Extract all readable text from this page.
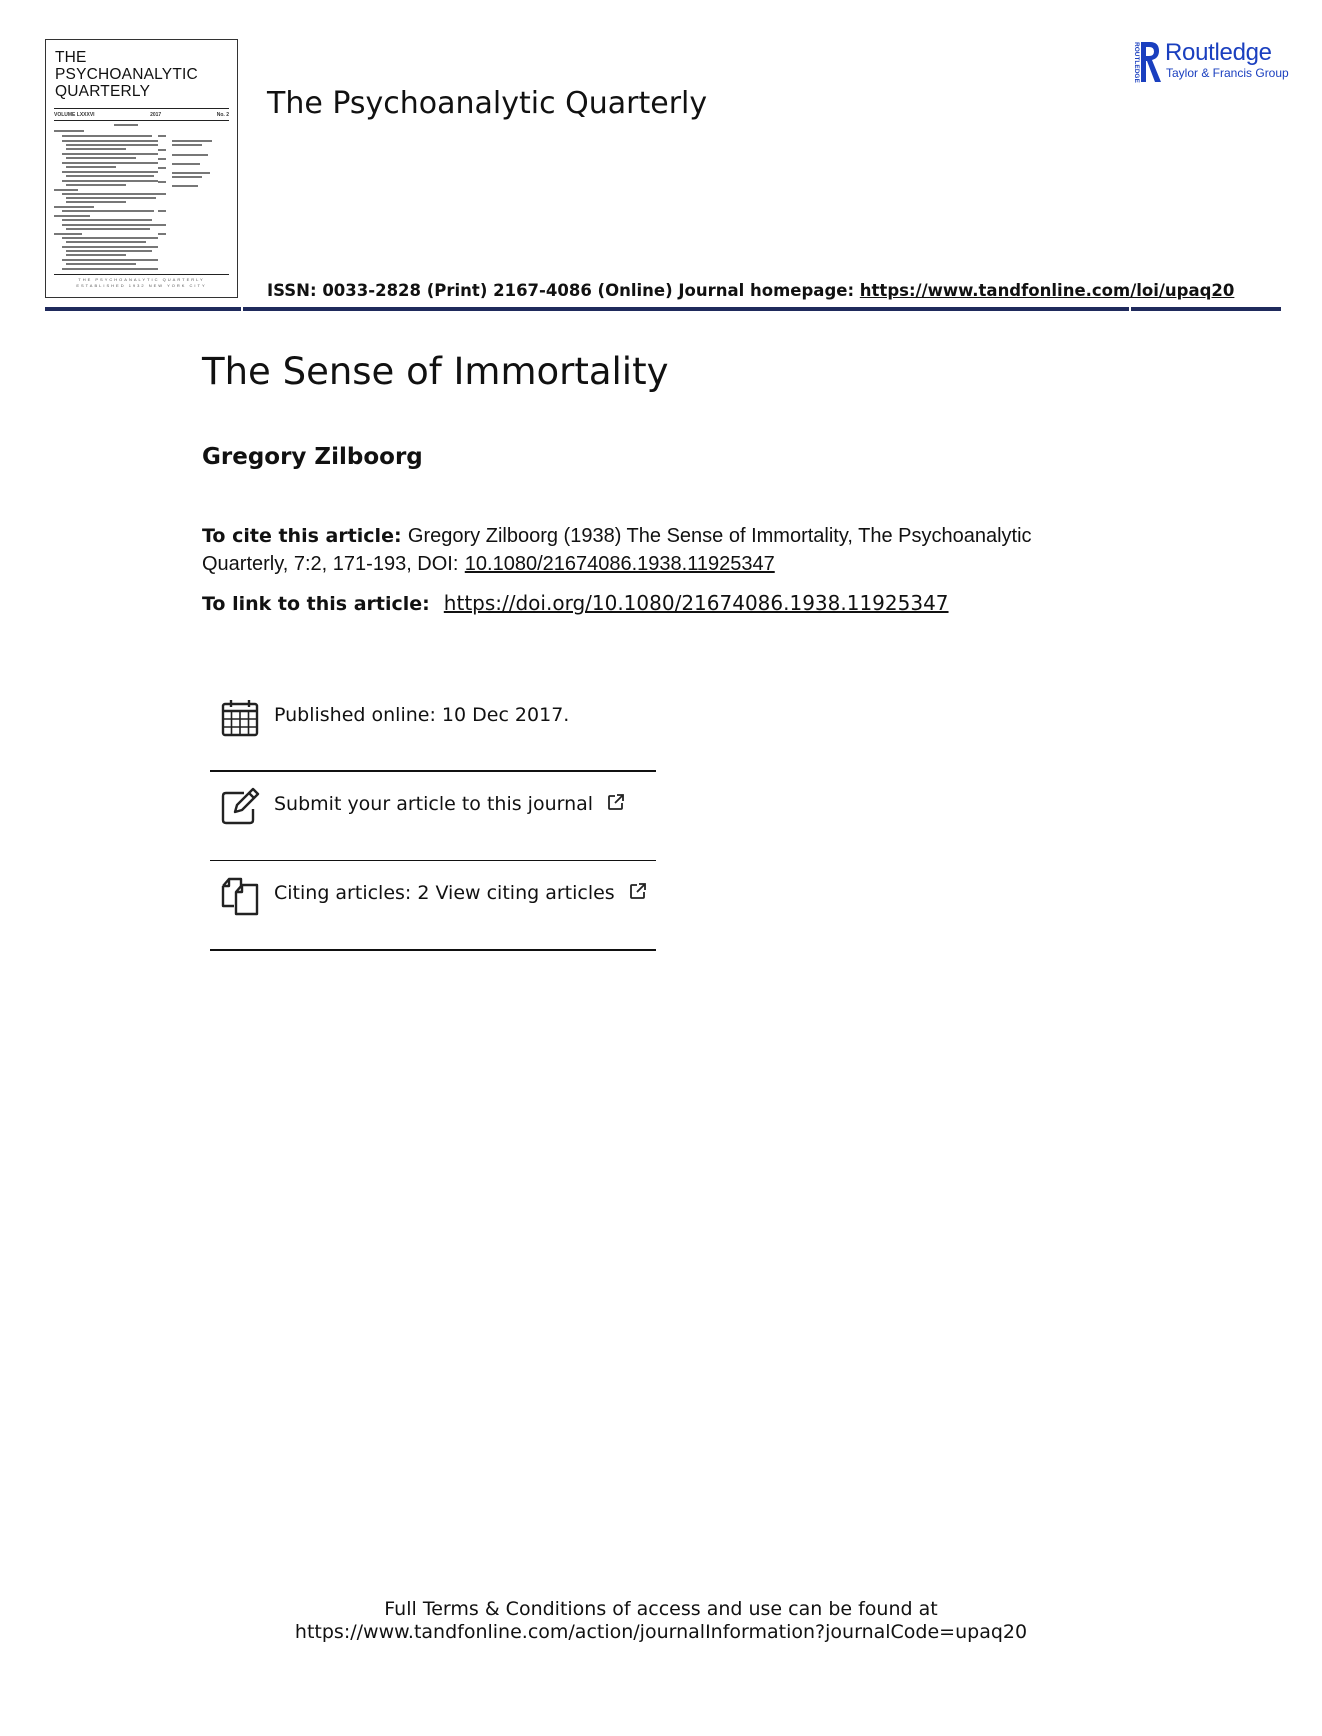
THE
PSYCHOANALYTIC
QUARTERLY
VOLUME LXXXVI	2017	No. 2
THE PSYCHOANALYTIC QUARTERLY ESTABLISHED 1932 NEW YORK CITY
The Psychoanalytic Quarterly
ISSN: 0033-2828 (Print) 2167-4086 (Online) Journal homepage: https://www.tandfonline.com/loi/upaq20
ROUTLEDGE Routledge
Taylor & Francis Group
The Sense of Immortality
Gregory Zilboorg
To cite this article: Gregory Zilboorg (1938) The Sense of Immortality, The Psychoanalytic Quarterly, 7:2, 171-193, DOI: 10.1080/21674086.1938.11925347
To link to this article: https://doi.org/10.1080/21674086.1938.11925347
Published online: 10 Dec 2017.
Submit your article to this journal
Citing articles: 2 View citing articles
Full Terms & Conditions of access and use can be found at
https://www.tandfonline.com/action/journalInformation?journalCode=upaq20
